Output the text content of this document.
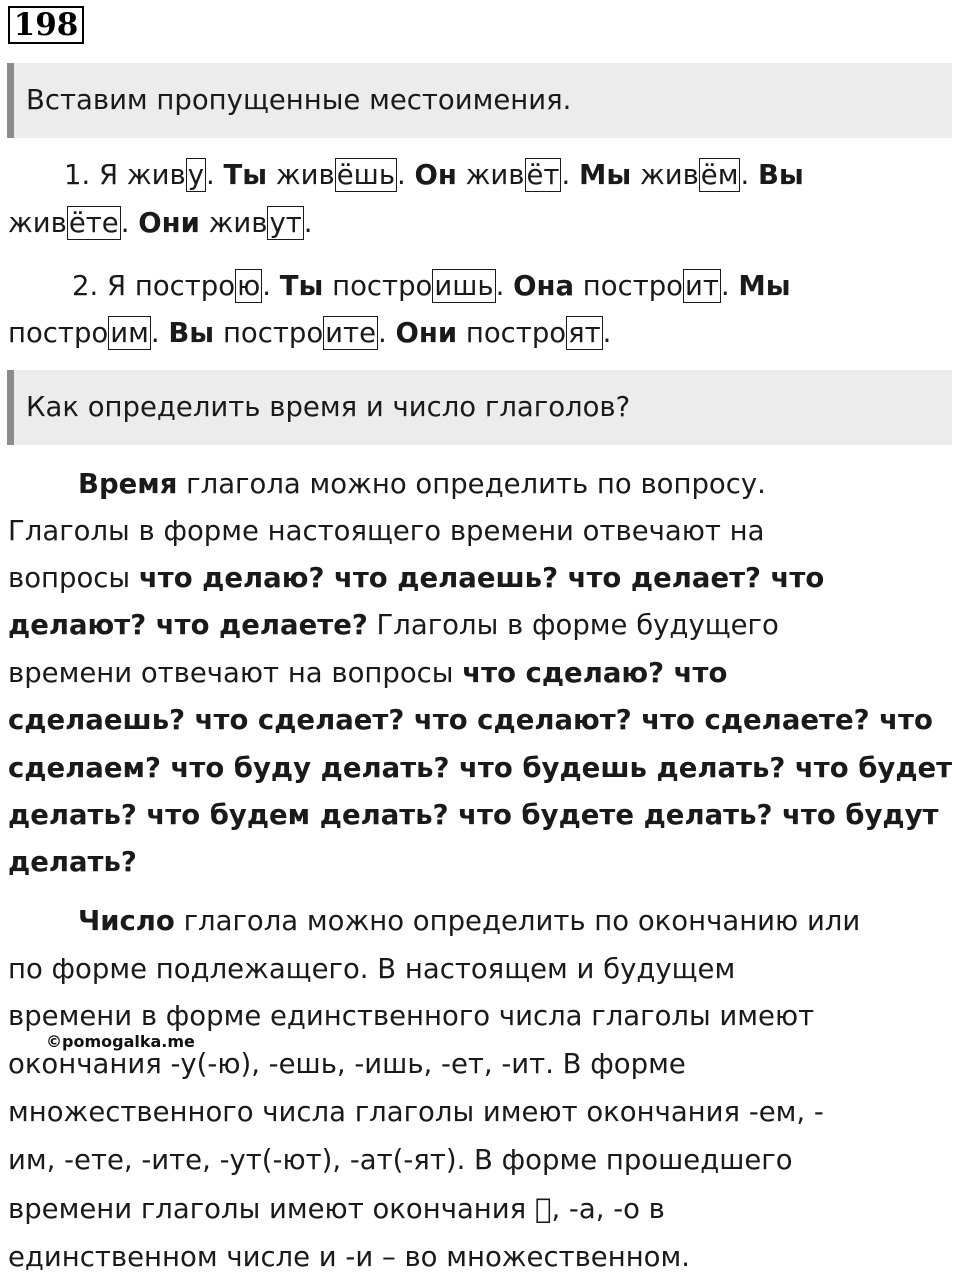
198
Вставим пропущенные местоимения.
1. Я живу. Ты живёшь. Он живёт. Мы живём. Вы
живёте. Они живут.
2. Я построю. Ты построишь. Она построит. Мы
построим. Вы построите. Они построят.
Как определить время и число глаголов?
Время глагола можно определить по вопросу.
Глаголы в форме настоящего времени отвечают на
вопросы что делаю? что делаешь? что делает? что
делают? что делаете? Глаголы в форме будущего
времени отвечают на вопросы что сделаю? что
сделаешь? что сделает? что сделают? что сделаете? что
сделаем? что буду делать? что будешь делать? что будет
делать? что будем делать? что будете делать? что будут
делать?
Число глагола можно определить по окончанию или
по форме подлежащего. В настоящем и будущем
времени в форме единственного числа глаголы имеют
©pomogalka.me
окончания -у(-ю), -ешь, -ишь, -ет, -ит. В форме
множественного числа глаголы имеют окончания -ем, -
им, -ете, -ите, -ут(-ют), -ат(-ят). В форме прошедшего
времени глаголы имеют окончания ⃞, -а, -о в
единственном числе и -и – во множественном.
